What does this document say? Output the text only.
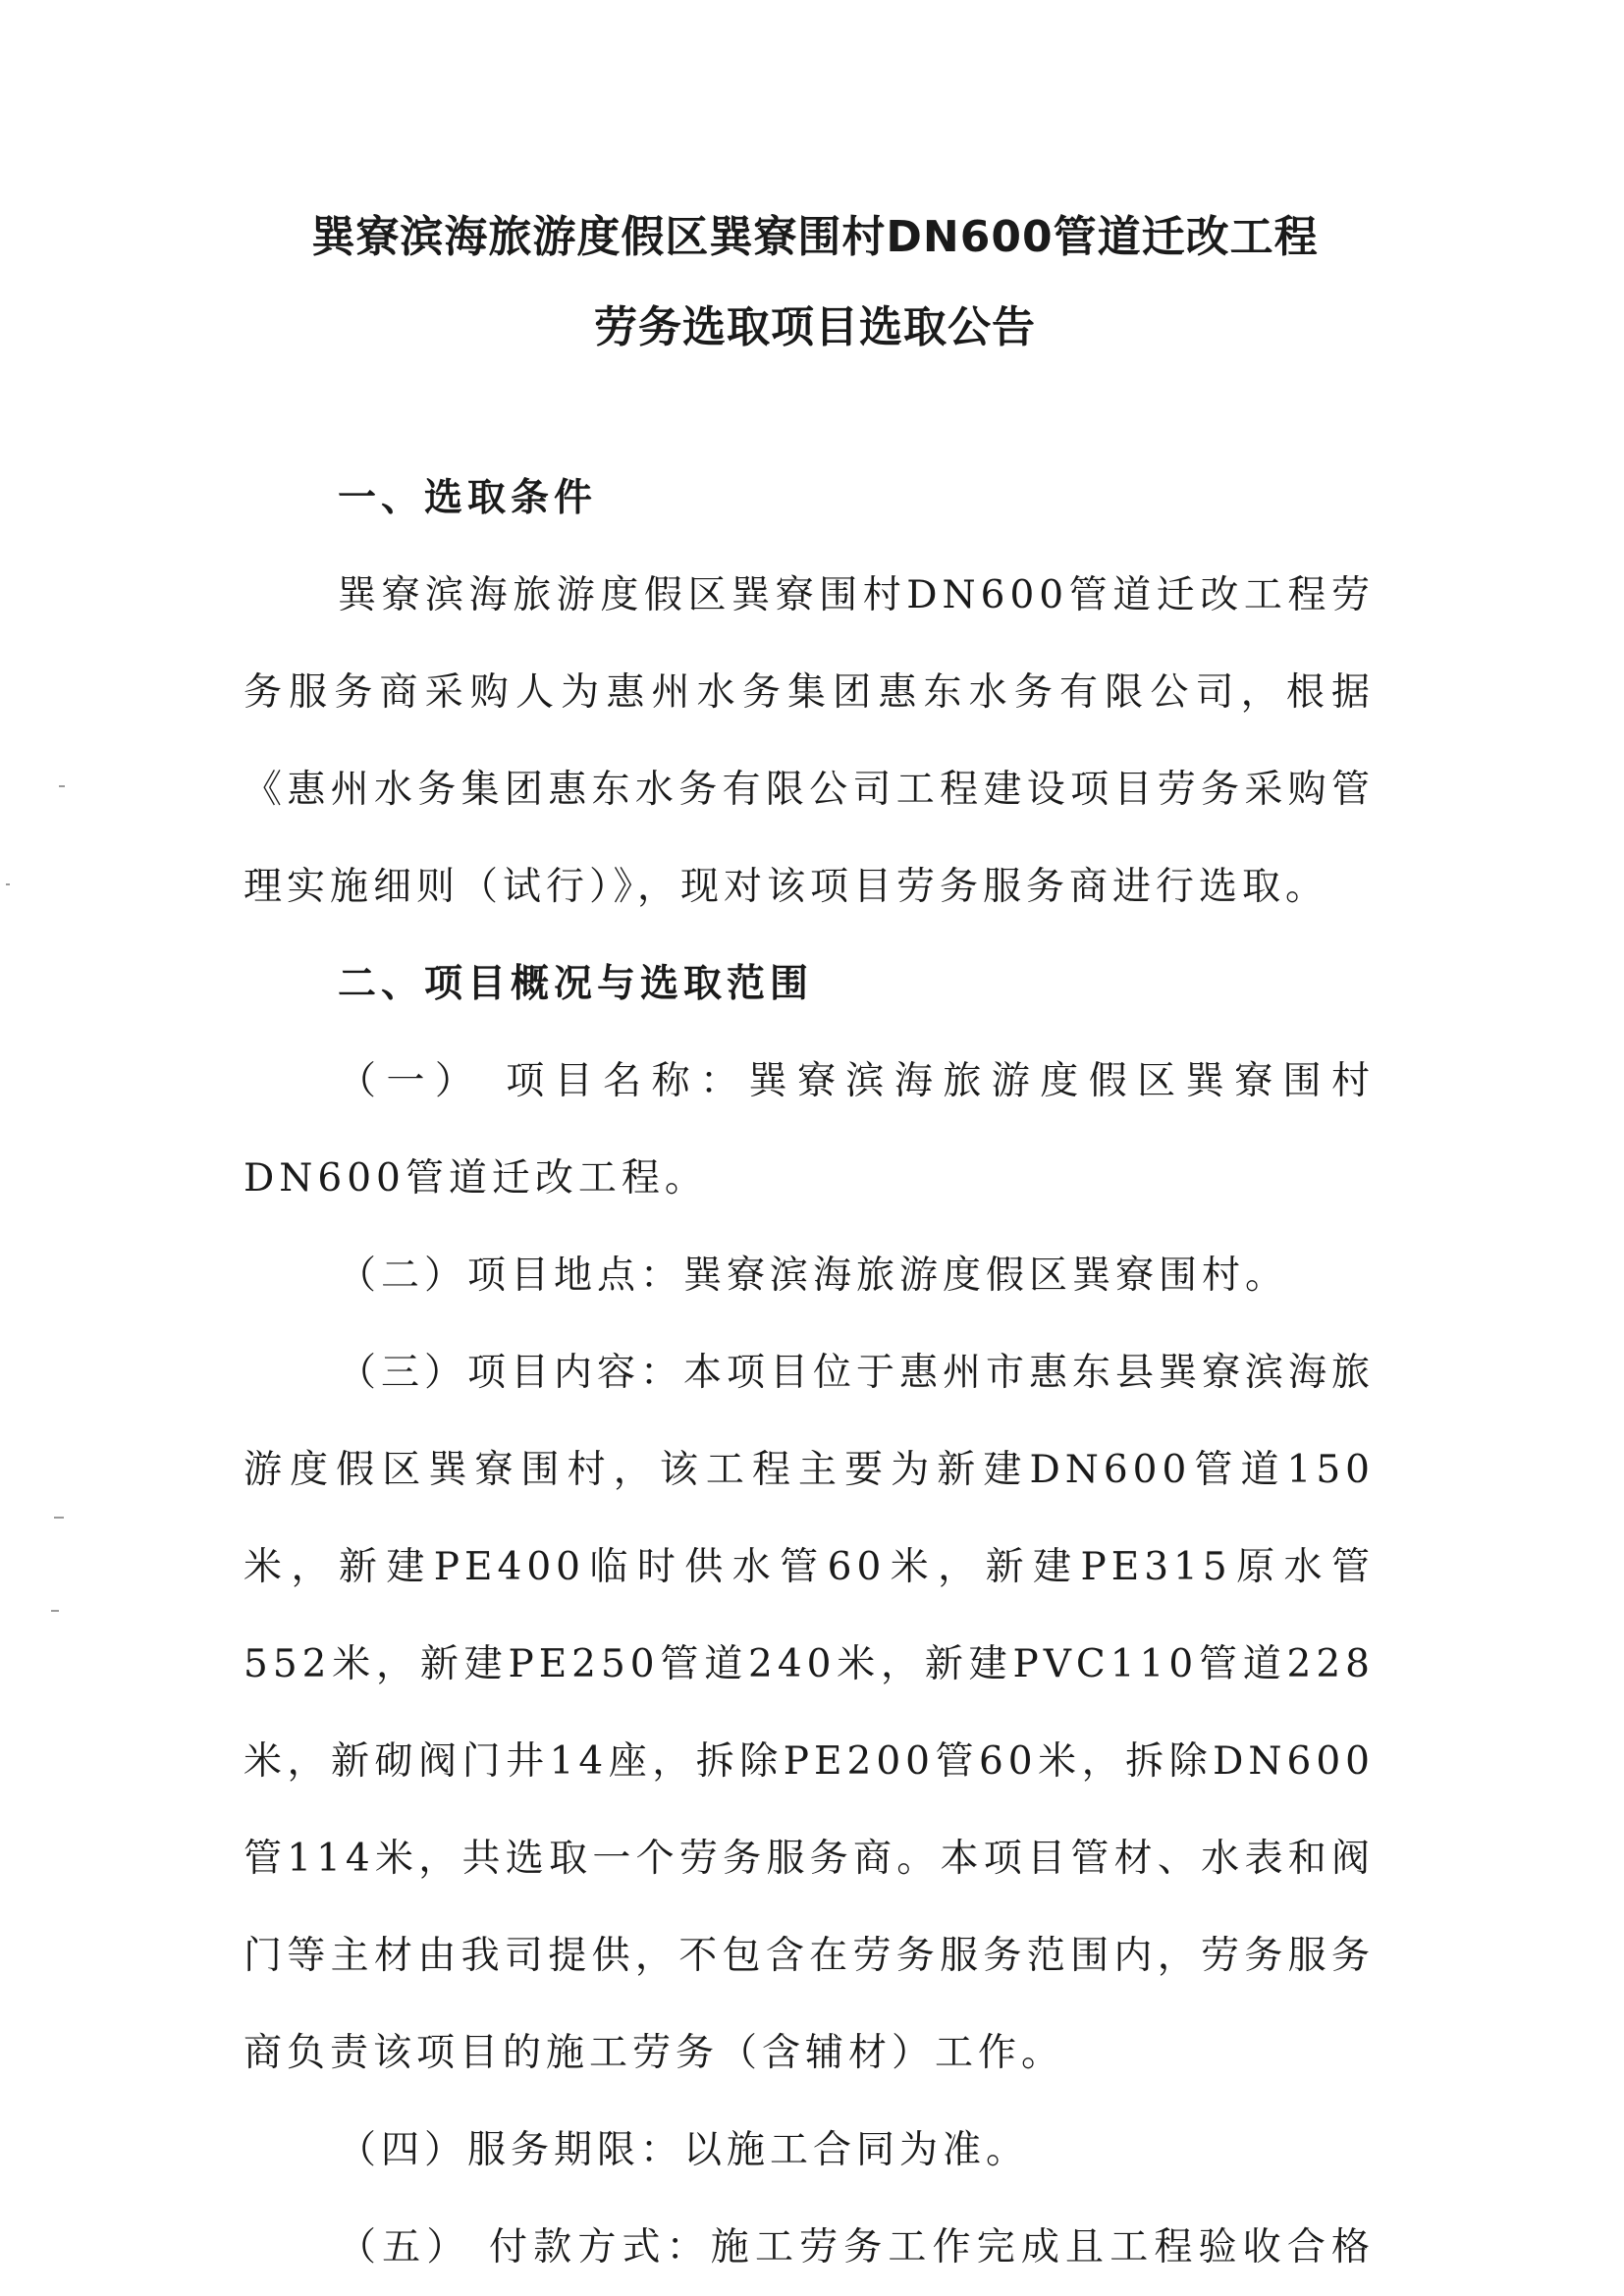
巽寮滨海旅游度假区巽寮围村DN600管道迁改工程
劳务选取项目选取公告

一、选取条件

巽寮滨海旅游度假区巽寮围村DN600管道迁改工程劳务服务商采购人为惠州水务集团惠东水务有限公司，根据《惠州水务集团惠东水务有限公司工程建设项目劳务采购管理实施细则（试行）》，现对该项目劳务服务商进行选取。

二、项目概况与选取范围

（一） 项目名称：巽寮滨海旅游度假区巽寮围村DN600管道迁改工程。

（二）项目地点：巽寮滨海旅游度假区巽寮围村。

（三）项目内容：本项目位于惠州市惠东县巽寮滨海旅游度假区巽寮围村，该工程主要为新建DN600管道150米，新建PE400临时供水管60米，新建PE315原水管552米，新建PE250管道240米，新建PVC110管道228米，新砌阀门井14座，拆除PE200管60米，拆除DN600管114米，共选取一个劳务服务商。本项目管材、水表和阀门等主材由我司提供，不包含在劳务服务范围内，劳务服务商负责该项目的施工劳务（含辅材）工作。

（四）服务期限：以施工合同为准。

（五） 付款方式：施工劳务工作完成且工程验收合格
